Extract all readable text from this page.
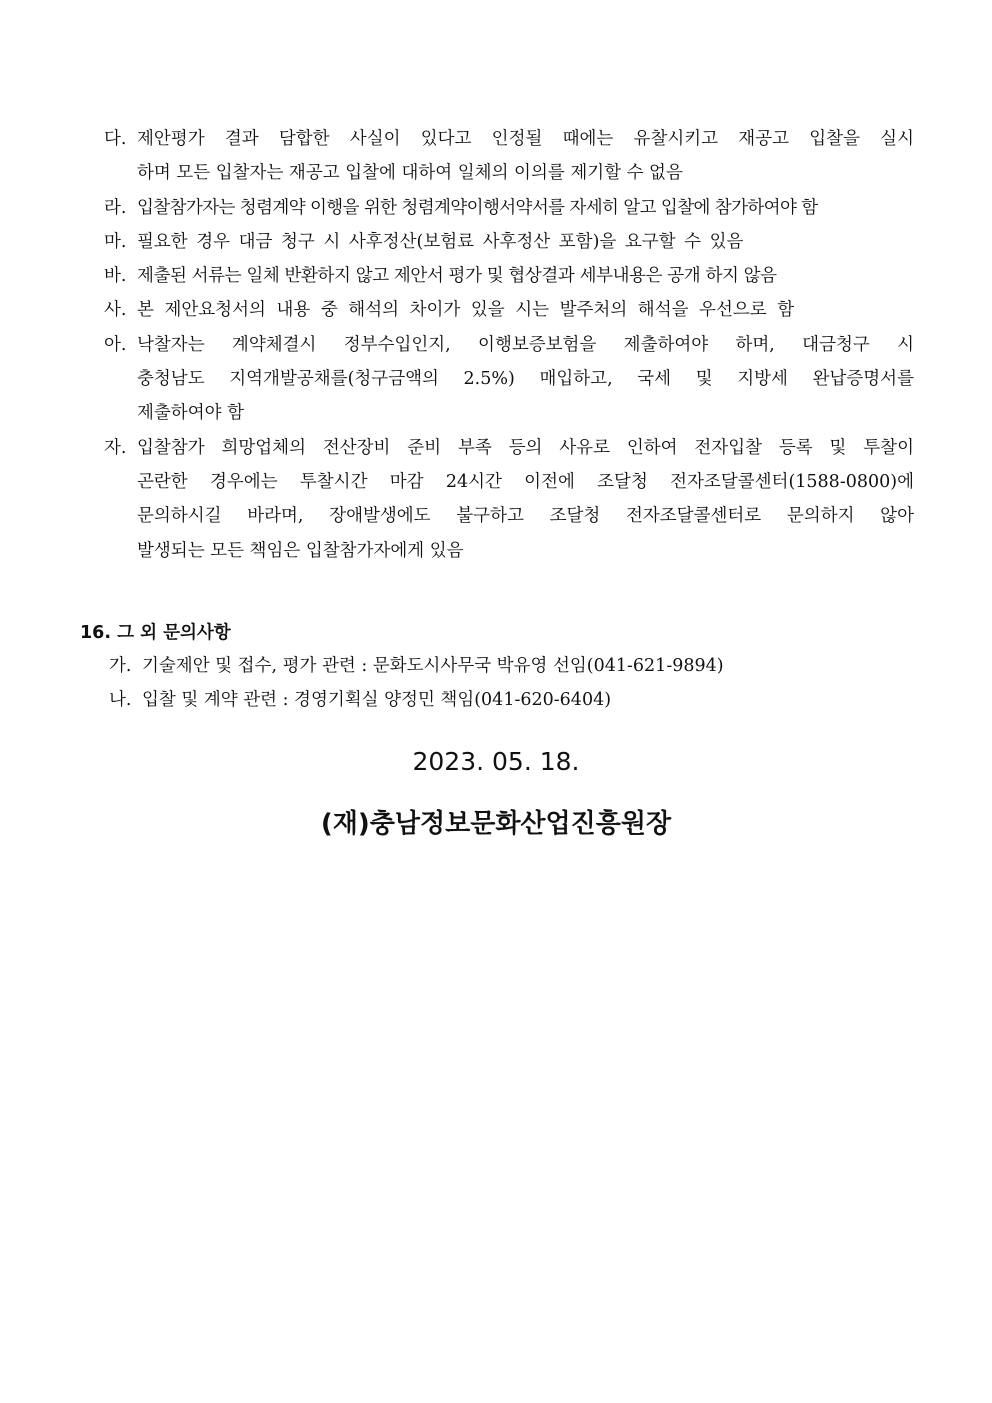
다. 제안평가 결과 담합한 사실이 있다고 인정될 때에는 유찰시키고 재공고 입찰을 실시
하며 모든 입찰자는 재공고 입찰에 대하여 일체의 이의를 제기할 수 없음
라. 입찰참가자는 청렴계약 이행을 위한 청렴계약이행서약서를 자세히 알고 입찰에 참가하여야 함
마. 필요한 경우 대금 청구 시 사후정산(보험료 사후정산 포함)을 요구할 수 있음
바. 제출된 서류는 일체 반환하지 않고 제안서 평가 및 협상결과 세부내용은 공개 하지 않음
사. 본 제안요청서의 내용 중 해석의 차이가 있을 시는 발주처의 해석을 우선으로 함
아. 낙찰자는 계약체결시 정부수입인지, 이행보증보험을 제출하여야 하며, 대금청구 시
충청남도 지역개발공채를(청구금액의 2.5%) 매입하고, 국세 및 지방세 완납증명서를
제출하여야 함
자. 입찰참가 희망업체의 전산장비 준비 부족 등의 사유로 인하여 전자입찰 등록 및 투찰이
곤란한 경우에는 투찰시간 마감 24시간 이전에 조달청 전자조달콜센터(1588-0800)에
문의하시길 바라며, 장애발생에도 불구하고 조달청 전자조달콜센터로 문의하지 않아
발생되는 모든 책임은 입찰참가자에게 있음
16. 그 외 문의사항
가. 기술제안 및 접수, 평가 관련 : 문화도시사무국 박유영 선임(041-621-9894)
나. 입찰 및 계약 관련 : 경영기획실 양정민 책임(041-620-6404)
2023. 05. 18.
(재)충남정보문화산업진흥원장
